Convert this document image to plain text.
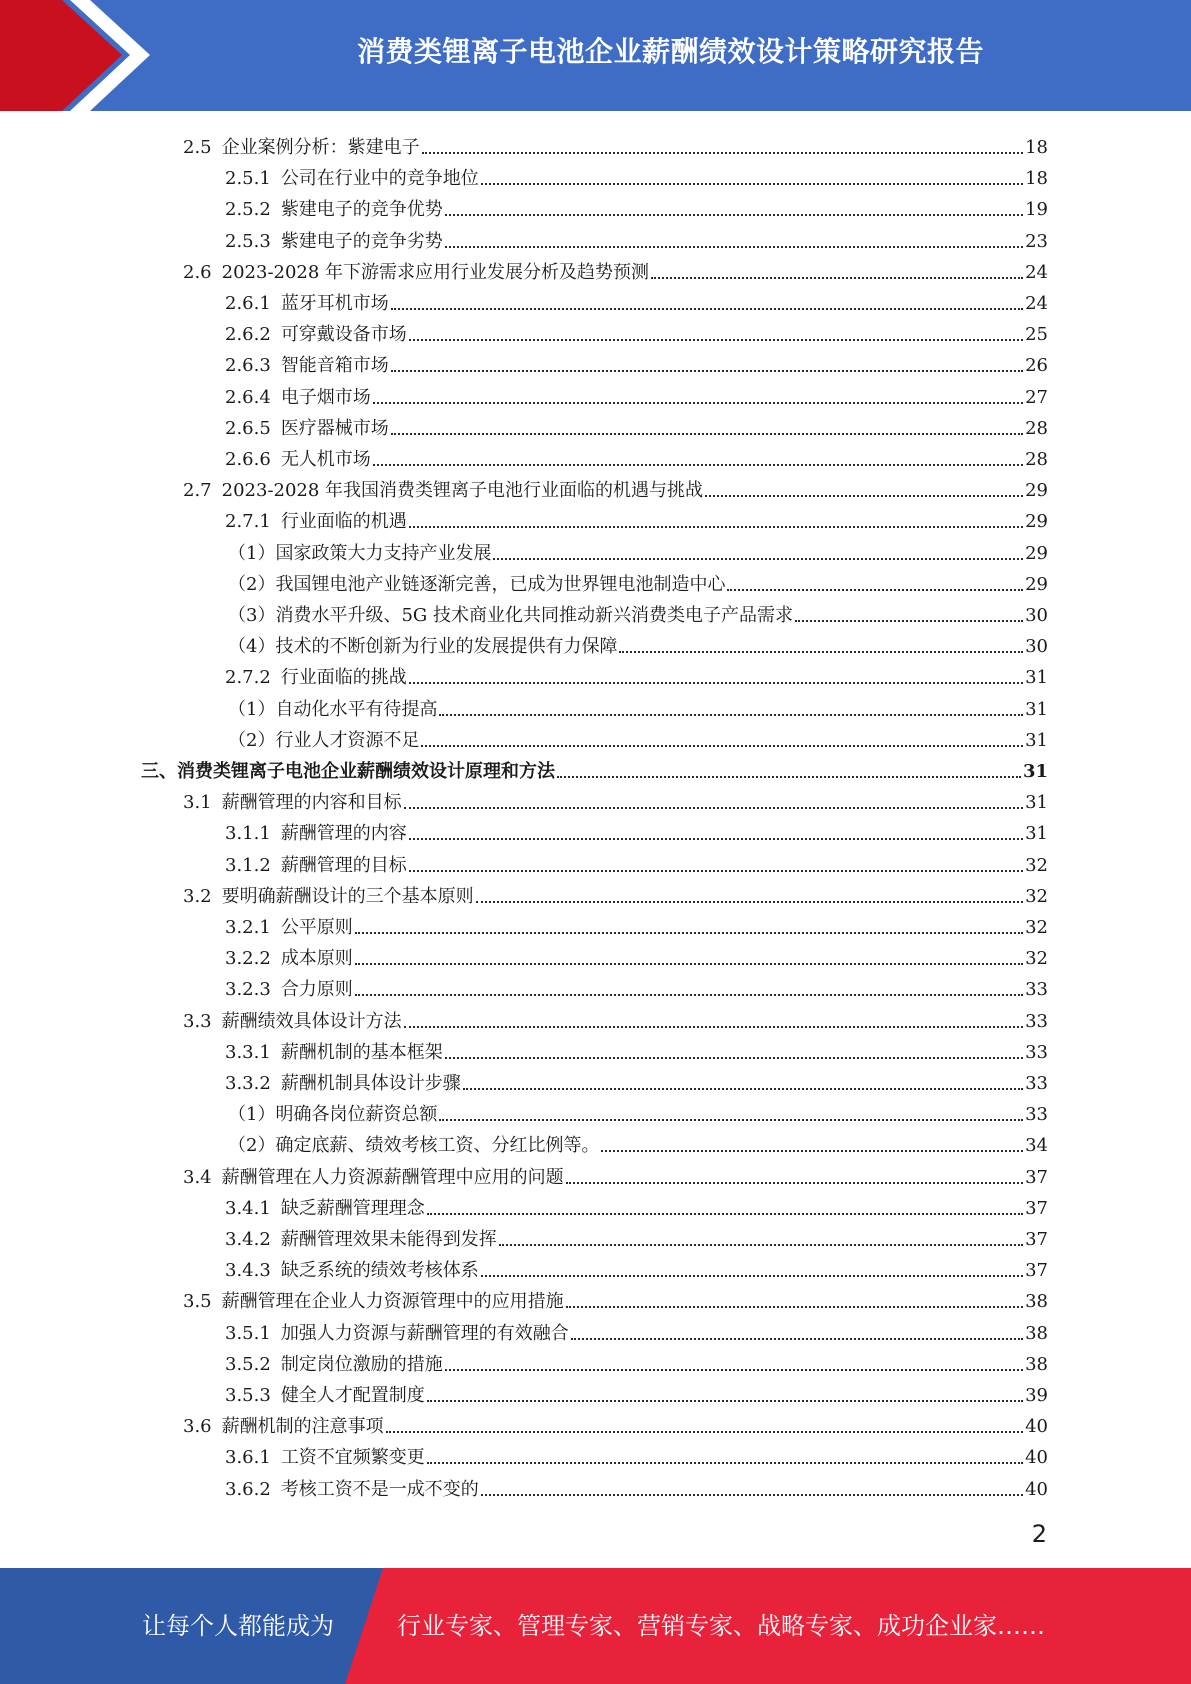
消费类锂离子电池企业薪酬绩效设计策略研究报告
2.5 企业案例分析：紫建电子	18
2.5.1 公司在行业中的竞争地位	18
2.5.2 紫建电子的竞争优势	19
2.5.3 紫建电子的竞争劣势	23
2.6 2023-2028 年下游需求应用行业发展分析及趋势预测	24
2.6.1 蓝牙耳机市场	24
2.6.2 可穿戴设备市场	25
2.6.3 智能音箱市场	26
2.6.4 电子烟市场	27
2.6.5 医疗器械市场	28
2.6.6 无人机市场	28
2.7 2023-2028 年我国消费类锂离子电池行业面临的机遇与挑战	29
2.7.1 行业面临的机遇	29
（1） 国家政策大力支持产业发展	29
（2） 我国锂电池产业链逐渐完善，已成为世界锂电池制造中心	29
（3） 消费水平升级、5G 技术商业化共同推动新兴消费类电子产品需求	30
（4） 技术的不断创新为行业的发展提供有力保障	30
2.7.2 行业面临的挑战	31
（1） 自动化水平有待提高	31
（2） 行业人才资源不足	31
三、 消费类锂离子电池企业薪酬绩效设计原理和方法	31
3.1 薪酬管理的内容和目标	31
3.1.1 薪酬管理的内容	31
3.1.2 薪酬管理的目标	32
3.2 要明确薪酬设计的三个基本原则	32
3.2.1 公平原则	32
3.2.2 成本原则	32
3.2.3 合力原则	33
3.3 薪酬绩效具体设计方法	33
3.3.1 薪酬机制的基本框架	33
3.3.2 薪酬机制具体设计步骤	33
（1） 明确各岗位薪资总额	33
（2） 确定底薪、绩效考核工资、分红比例等。	34
3.4 薪酬管理在人力资源薪酬管理中应用的问题	37
3.4.1 缺乏薪酬管理理念	37
3.4.2 薪酬管理效果未能得到发挥	37
3.4.3 缺乏系统的绩效考核体系	37
3.5 薪酬管理在企业人力资源管理中的应用措施	38
3.5.1 加强人力资源与薪酬管理的有效融合	38
3.5.2 制定岗位激励的措施	38
3.5.3 健全人才配置制度	39
3.6 薪酬机制的注意事项	40
3.6.1 工资不宜频繁变更	40
3.6.2 考核工资不是一成不变的	40
2
让每个人都能成为	行业专家、管理专家、营销专家、战略专家、成功企业家……
